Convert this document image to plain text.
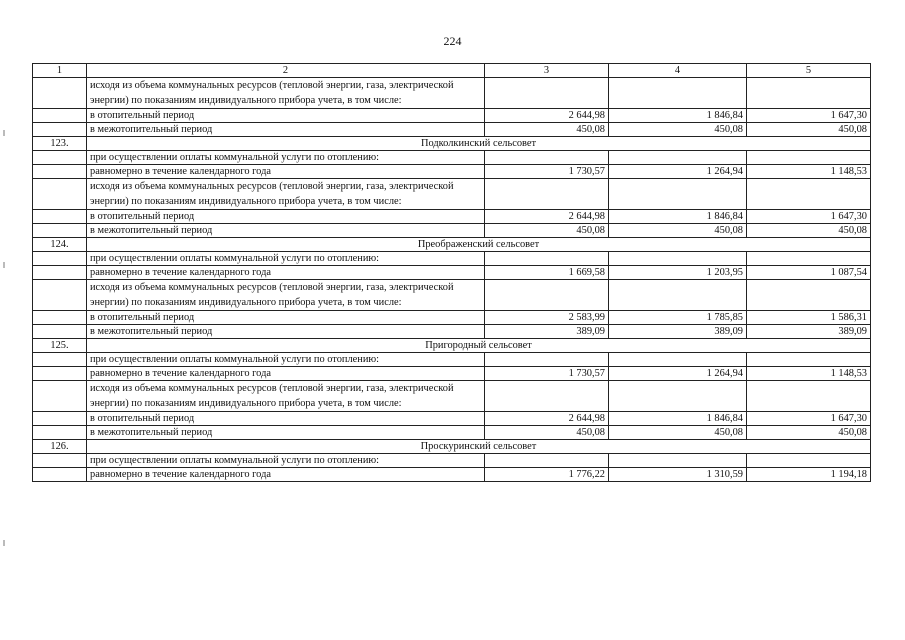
224
1	2	3	4	5
	исходя из объема коммунальных ресурсов (тепловой энергии, газа, электрической энергии) по показаниям индивидуального прибора учета, в том числе:			
	в отопительный период	2 644,98	1 846,84	1 647,30
	в межотопительный период	450,08	450,08	450,08
123.	Подколкинский сельсовет			
	при осуществлении оплаты коммунальной услуги по отоплению:			
	равномерно в течение календарного года	1 730,57	1 264,94	1 148,53
	исходя из объема коммунальных ресурсов (тепловой энергии, газа, электрической энергии) по показаниям индивидуального прибора учета, в том числе:			
	в отопительный период	2 644,98	1 846,84	1 647,30
	в межотопительный период	450,08	450,08	450,08
124.	Преображенский сельсовет			
	при осуществлении оплаты коммунальной услуги по отоплению:			
	равномерно в течение календарного года	1 669,58	1 203,95	1 087,54
	исходя из объема коммунальных ресурсов (тепловой энергии, газа, электрической энергии) по показаниям индивидуального прибора учета, в том числе:			
	в отопительный период	2 583,99	1 785,85	1 586,31
	в межотопительный период	389,09	389,09	389,09
125.	Пригородный сельсовет			
	при осуществлении оплаты коммунальной услуги по отоплению:			
	равномерно в течение календарного года	1 730,57	1 264,94	1 148,53
	исходя из объема коммунальных ресурсов (тепловой энергии, газа, электрической энергии) по показаниям индивидуального прибора учета, в том числе:			
	в отопительный период	2 644,98	1 846,84	1 647,30
	в межотопительный период	450,08	450,08	450,08
126.	Проскуринский сельсовет			
	при осуществлении оплаты коммунальной услуги по отоплению:			
	равномерно в течение календарного года	1 776,22	1 310,59	1 194,18
